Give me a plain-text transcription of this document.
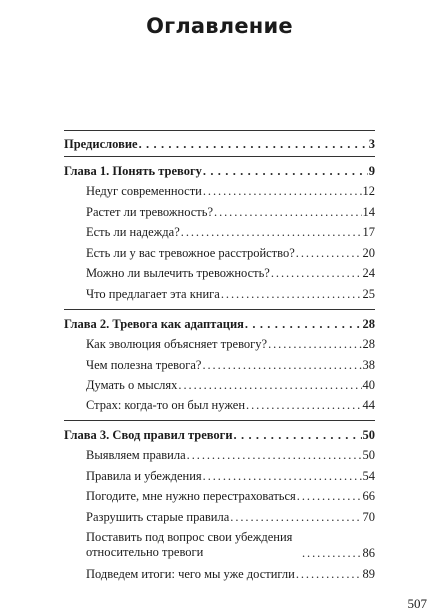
Оглавление
Предисловие . . .	3
Глава 1. Понять тревогу . . .	9
Недуг современности . . .	12
Растет ли тревожность? . . .	14
Есть ли надежда? . . .	17
Есть ли у вас тревожное расстройство? . . .	20
Можно ли вылечить тревожность? . . .	24
Что предлагает эта книга . . .	25
Глава 2. Тревога как адаптация . . .	28
Как эволюция объясняет тревогу? . . .	28
Чем полезна тревога? . . .	38
Думать о мыслях . . .	40
Страх: когда-то он был нужен . . .	44
Глава 3. Свод правил тревоги . . .	50
Выявляем правила . . .	50
Правила и убеждения . . .	54
Погодите, мне нужно перестраховаться . . .	66
Разрушить старые правила . . .	70
Поставить под вопрос свои убеждения относительно тревоги . . .	86
Подведем итоги: чего мы уже достигли . . .	89
507
